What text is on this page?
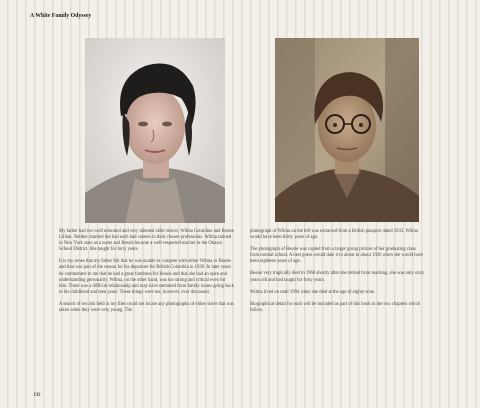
A White Family Odyssey

My father had two well educated and very talented older sisters, Wilma Geraldine and Bessie Lillian. Neither married but had each had careers in their chosen professions. Wilma trained in New York state as a nurse and Bessie became a well-respected teacher in the Ottawa School District. She taught for forty years.

It is my sense that my father felt that he was unable to compete with either Wilma or Bessie and that was part of the reason for his departure for British Columbia in 1939. In later years he commented to me that he had a great fondness for Bessie and that she had an open and understanding personality. Wilma, on the other hand, was too strong and critical even for him. There was a difficult relationship and may have stemmed from family issues going back to his childhood and teen years. These things were not, however, ever discussed.

A search of records held in my files could not locate any photographs of either sister that was taken when they were very young. The

photograph of Wilma on the left was extracted from a British passport dated 1933. Wilma would have been thirty years of age.

The photograph of Bessie was copied from a larger group picture of her graduating class from normal school. A best guess would date it to about to about 1926 when she would have been eighteen years of age.

Bessie very tragically died in 1968 shortly after she retired from teaching, she was only sixty years old and had taught for forty years.

Wilma lived on until 1994 when she died at the age of eighty-nine.

Biographical detail for each will be included as part of this book in the two chapters which follow.

192
